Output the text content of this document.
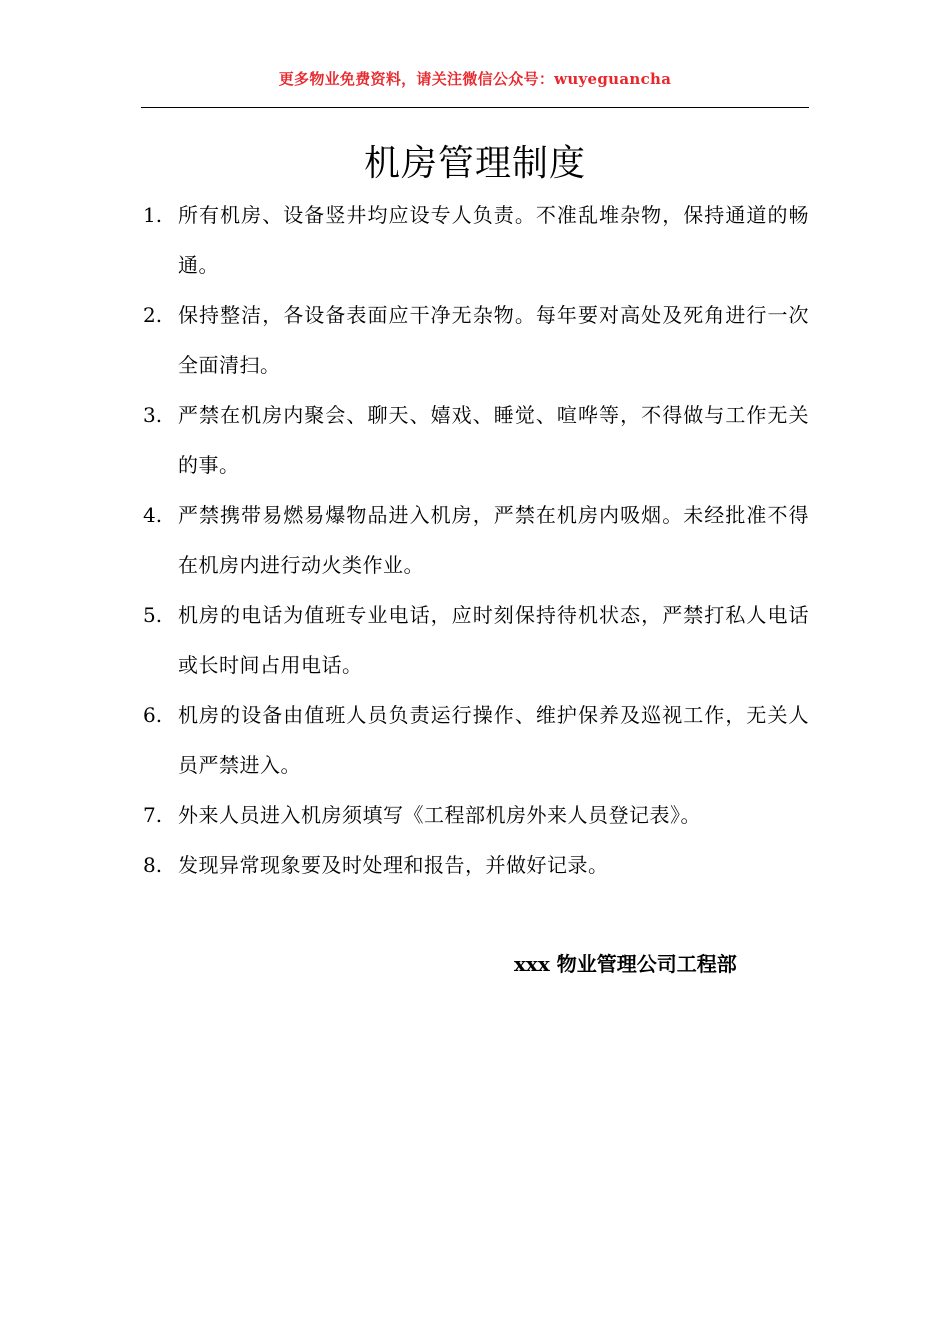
更多物业免费资料，请关注微信公众号：wuyeguancha
机房管理制度
1. 所有机房、设备竖井均应设专人负责。不准乱堆杂物，保持通道的畅通。
2. 保持整洁，各设备表面应干净无杂物。每年要对高处及死角进行一次全面清扫。
3. 严禁在机房内聚会、聊天、嬉戏、睡觉、喧哗等，不得做与工作无关的事。
4. 严禁携带易燃易爆物品进入机房，严禁在机房内吸烟。未经批准不得在机房内进行动火类作业。
5. 机房的电话为值班专业电话，应时刻保持待机状态，严禁打私人电话或长时间占用电话。
6. 机房的设备由值班人员负责运行操作、维护保养及巡视工作，无关人员严禁进入。
7. 外来人员进入机房须填写《工程部机房外来人员登记表》。
8. 发现异常现象要及时处理和报告，并做好记录。
xxx 物业管理公司工程部
